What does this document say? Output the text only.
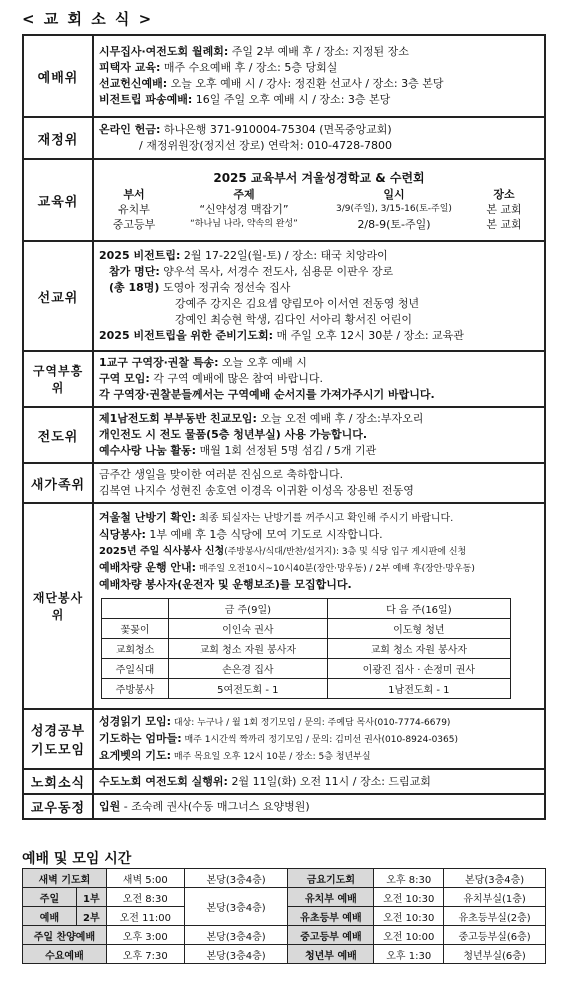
< 교 회 소 식 >
예배위	
시무집사·여전도회 월례회: 주일 2부 예배 후 / 장소: 지정된 장소
피택자 교육: 매주 수요예배 후 / 장소: 5층 당회실
선교헌신예배: 오늘 오후 예배 시 / 강사: 정진환 선교사 / 장소: 3층 본당
비전트립 파송예배: 16일 주일 오후 예배 시 / 장소: 3층 본당

재정위	
온라인 헌금: 하나은행 371-910004-75304 (면목중앙교회)
/ 재정위원장(정지선 장로) 연락처: 010-4728-7800

교육위	
2025 교육부서 겨울성경학교 & 수련회
부서	주제	일시	장소
유치부	“신약성경 맥잡기”	3/9(주일), 3/15-16(토-주일)	본 교회
중고등부	“하나님 나라, 약속의 완성”	2/8-9(토-주일)	본 교회

선교위	
2025 비전트립: 2월 17-22일(월-토) / 장소: 태국 치앙라이
참가 명단: 양우석 목사, 서경수 전도사, 심용문 이판우 장로
(총 18명) 도영아 정귀숙 정선숙 집사
강예주 강지은 김요셉 양림모아 이서연 전동영 청년
강예인 최승현 학생, 김다인 서아리 황서진 어린이
2025 비전트립을 위한 준비기도회: 매 주일 오후 12시 30분 / 장소: 교육관

구역부흥위	
1교구 구역장·권찰 특송: 오늘 오후 예배 시
구역 모임: 각 구역 예배에 많은 참여 바랍니다.
각 구역장·권찰분들께서는 구역예배 순서지를 가져가주시기 바랍니다.

전도위	
제1남전도회 부부동반 친교모임: 오늘 오전 예배 후 / 장소:부자오리
개인전도 시 전도 물품(5층 청년부실) 사용 가능합니다.
예수사랑 나눔 활동: 매월 1회 선정된 5명 섬김 / 5개 기관

새가족위	
금주간 생일을 맞이한 여러분 진심으로 축하합니다.
김복연 나지수 성현진 송호연 이경옥 이귀환 이성옥 장용빈 전동영

재단봉사위	
겨울철 난방기 확인: 최종 퇴실자는 난방기를 꺼주시고 확인해 주시기 바랍니다.
식당봉사: 1부 예배 후 1층 식당에 모여 기도로 시작합니다.
2025년 주일 식사봉사 신청(주방봉사/식대/반찬/설거지): 3층 및 식당 입구 게시판에 신청
예배차량 운행 안내: 매주일 오전10시~10시40분(장안·망우동) / 2부 예배 후(장안·망우동)
예배차량 봉사자(운전자 및 운행보조)를 모집합니다.
	금 주(9일)	다 음 주(16일)
꽃꽂이	이인숙 권사	이도형 청년
교회청소	교회 청소 자원 봉사자	교회 청소 자원 봉사자
주일식대	손은경 집사	이광진 집사 · 손정미 권사
주방봉사	5여전도회 - 1	1남전도회 - 1

성경공부
기도모임

성경읽기 모임: 대상: 누구나 / 월 1회 정기모임 / 문의: 주예담 목사(010-7774-6679)
기도하는 엄마들: 매주 1시간씩 짝까리 정기모임 / 문의: 김미선 권사(010-8924-0365)
요게벳의 기도: 매주 목요일 오후 12시 10분 / 장소: 5층 청년부실

노회소식	수도노회 여전도회 실행위: 2월 11일(화) 오전 11시 / 장소: 드림교회

교우동정	입원 - 조숙례 권사(수동 매그너스 요양병원)
예배 및 모임 시간
새벽 기도회		새벽 5:00	본당(3층4층)	금요기도회	오후 8:30	본당(3층4층)
주일	1부	오전 8:30	본당(3층4층)	유치부 예배	오전 10:30	유치부실(1층)
예배	2부	오전 11:00		유초등부 예배	오전 10:30	유초등부실(2층)
주일 찬양예배		오후 3:00	본당(3층4층)	중고등부 예배	오전 10:00	중고등부실(6층)
수요예배		오후 7:30	본당(3층4층)	청년부 예배	오후 1:30	청년부실(6층)
